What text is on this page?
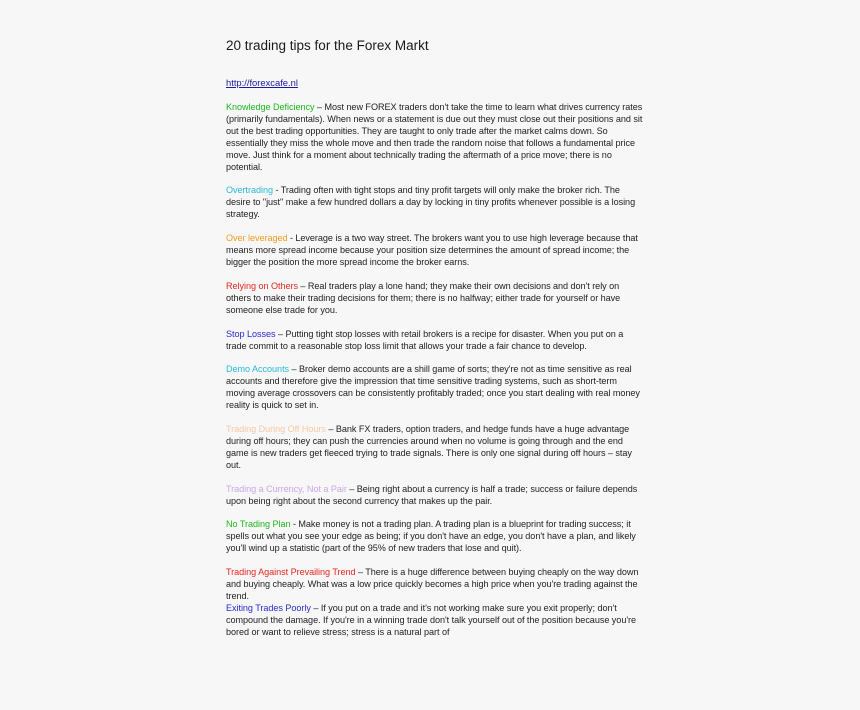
20 trading tips for the Forex Markt
http://forexcafe.nl

Knowledge Deficiency – Most new FOREX traders don't take the time to learn what drives currency rates (primarily fundamentals). When news or a statement is due out they must close out their positions and sit out the best trading opportunities. They are taught to only trade after the market calms down. So essentially they miss the whole move and then trade the random noise that follows a fundamental price move. Just think for a moment about technically trading the aftermath of a price move; there is no potential.

Overtrading - Trading often with tight stops and tiny profit targets will only make the broker rich. The desire to "just" make a few hundred dollars a day by locking in tiny profits whenever possible is a losing strategy.

Over leveraged - Leverage is a two way street. The brokers want you to use high leverage because that means more spread income because your position size determines the amount of spread income; the bigger the position the more spread income the broker earns.

Relying on Others – Real traders play a lone hand; they make their own decisions and don't rely on others to make their trading decisions for them; there is no halfway; either trade for yourself or have someone else trade for you.

Stop Losses – Putting tight stop losses with retail brokers is a recipe for disaster. When you put on a trade commit to a reasonable stop loss limit that allows your trade a fair chance to develop.

Demo Accounts – Broker demo accounts are a shill game of sorts; they're not as time sensitive as real accounts and therefore give the impression that time sensitive trading systems, such as short-term moving average crossovers can be consistently profitably traded; once you start dealing with real money reality is quick to set in.

Trading During Off Hours – Bank FX traders, option traders, and hedge funds have a huge advantage during off hours; they can push the currencies around when no volume is going through and the end game is new traders get fleeced trying to trade signals. There is only one signal during off hours – stay out.

Trading a Currency, Not a Pair – Being right about a currency is half a trade; success or failure depends upon being right about the second currency that makes up the pair.

No Trading Plan - Make money is not a trading plan. A trading plan is a blueprint for trading success; it spells out what you see your edge as being; if you don't have an edge, you don't have a plan, and likely you'll wind up a statistic (part of the 95% of new traders that lose and quit).

Trading Against Prevailing Trend – There is a huge difference between buying cheaply on the way down and buying cheaply. What was a low price quickly becomes a high price when you're trading against the trend.

Exiting Trades Poorly – If you put on a trade and it's not working make sure you exit properly; don't compound the damage. If you're in a winning trade don't talk yourself out of the position because you're bored or want to relieve stress; stress is a natural part of
